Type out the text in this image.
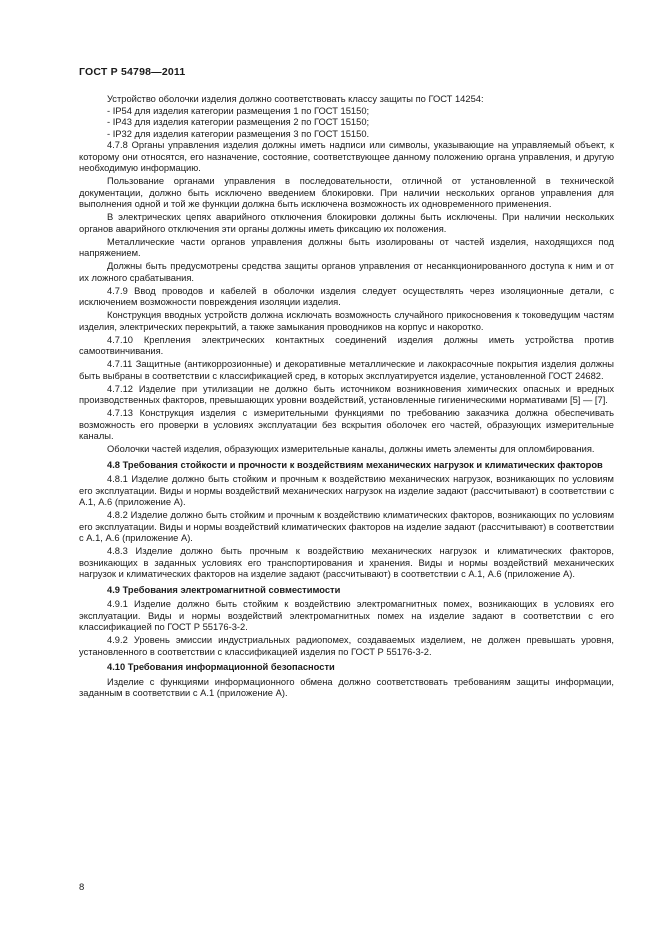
ГОСТ Р 54798—2011

Устройство оболочки изделия должно соответствовать классу защиты по ГОСТ 14254:

- IP54 для изделия категории размещения 1 по ГОСТ 15150;

- IP43 для изделия категории размещения 2 по ГОСТ 15150;

- IP32 для изделия категории размещения 3 по ГОСТ 15150.

4.7.8 Органы управления изделия должны иметь надписи или символы, указывающие на управляемый объект, к которому они относятся, его назначение, состояние, соответствующее данному положению органа управления, и другую необходимую информацию.

Пользование органами управления в последовательности, отличной от установленной в технической документации, должно быть исключено введением блокировки. При наличии нескольких органов управления для выполнения одной и той же функции должна быть исключена возможность их одновременного применения.

В электрических цепях аварийного отключения блокировки должны быть исключены. При наличии нескольких органов аварийного отключения эти органы должны иметь фиксацию их положения.

Металлические части органов управления должны быть изолированы от частей изделия, находящихся под напряжением.

Должны быть предусмотрены средства защиты органов управления от несанкционированного доступа к ним и от их ложного срабатывания.

4.7.9 Ввод проводов и кабелей в оболочки изделия следует осуществлять через изоляционные детали, с исключением возможности повреждения изоляции изделия.

Конструкция вводных устройств должна исключать возможность случайного прикосновения к токоведущим частям изделия, электрических перекрытий, а также замыкания проводников на корпус и накоротко.

4.7.10 Крепления электрических контактных соединений изделия должны иметь устройства против самоотвинчивания.

4.7.11 Защитные (антикоррозионные) и декоративные металлические и лакокрасочные покрытия изделия должны быть выбраны в соответствии с классификацией сред, в которых эксплуатируется изделие, установленной ГОСТ 24682.

4.7.12 Изделие при утилизации не должно быть источником возникновения химических опасных и вредных производственных факторов, превышающих уровни воздействий, установленные гигиеническими нормативами [5] — [7].

4.7.13 Конструкция изделия с измерительными функциями по требованию заказчика должна обеспечивать возможность его проверки в условиях эксплуатации без вскрытия оболочек его частей, образующих измерительные каналы.

Оболочки частей изделия, образующих измерительные каналы, должны иметь элементы для опломбирования.

4.8 Требования стойкости и прочности к воздействиям механических нагрузок и климатических факторов

4.8.1 Изделие должно быть стойким и прочным к воздействию механических нагрузок, возникающих по условиям его эксплуатации. Виды и нормы воздействий механических нагрузок на изделие задают (рассчитывают) в соответствии с А.1, А.6 (приложение А).

4.8.2 Изделие должно быть стойким и прочным к воздействию климатических факторов, возникающих по условиям его эксплуатации. Виды и нормы воздействий климатических факторов на изделие задают (рассчитывают) в соответствии с А.1, А.6 (приложение А).

4.8.3 Изделие должно быть прочным к воздействию механических нагрузок и климатических факторов, возникающих в заданных условиях его транспортирования и хранения. Виды и нормы воздействий механических нагрузок и климатических факторов на изделие задают (рассчитывают) в соответствии с А.1, А.6 (приложение А).

4.9 Требования электромагнитной совместимости

4.9.1 Изделие должно быть стойким к воздействию электромагнитных помех, возникающих в условиях его эксплуатации. Виды и нормы воздействий электромагнитных помех на изделие задают в соответствии с его классификацией по ГОСТ Р 55176-3-2.

4.9.2 Уровень эмиссии индустриальных радиопомех, создаваемых изделием, не должен превышать уровня, установленного в соответствии с классификацией изделия по ГОСТ Р 55176-3-2.

4.10 Требования информационной безопасности

Изделие с функциями информационного обмена должно соответствовать требованиям защиты информации, заданным в соответствии с А.1 (приложение А).

8
